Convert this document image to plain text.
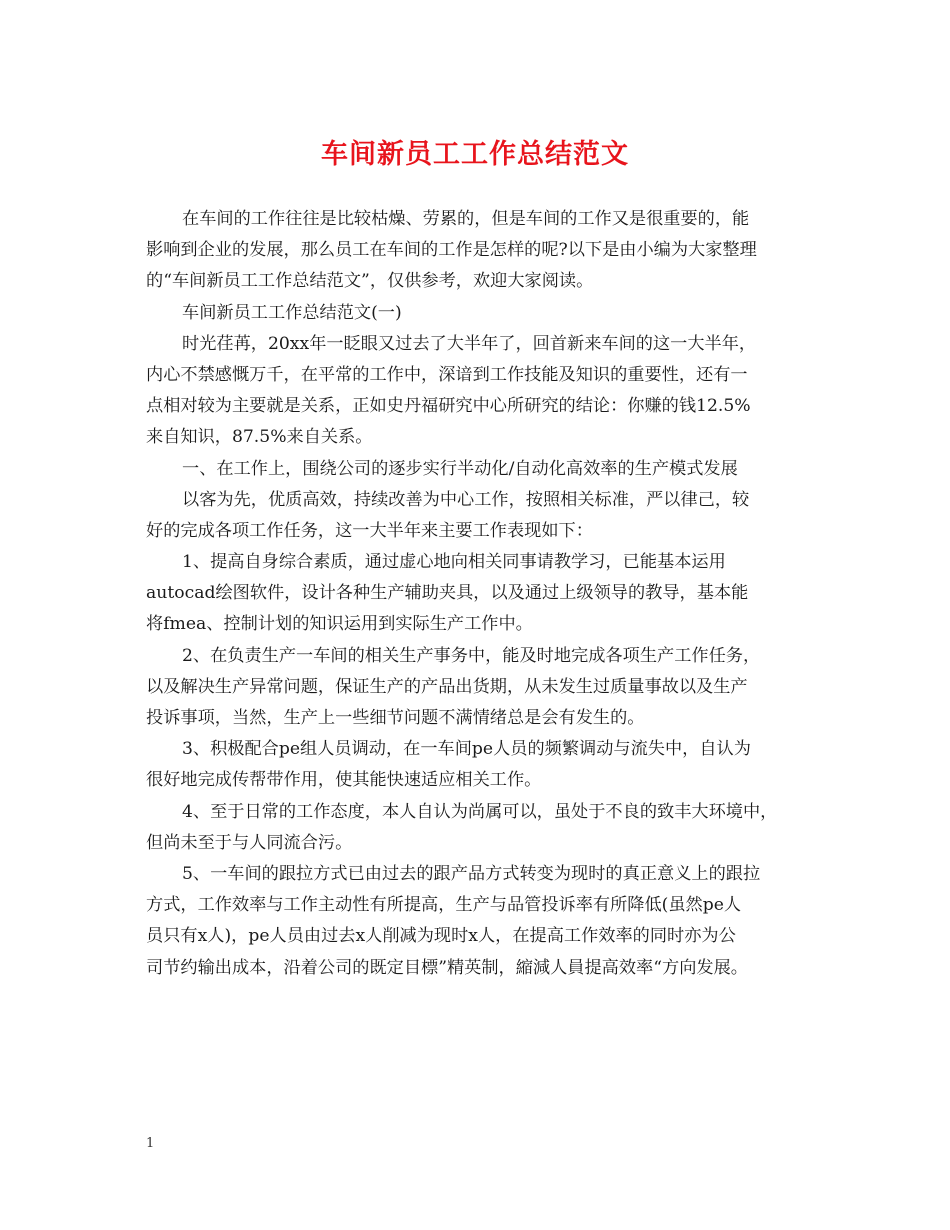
车间新员工工作总结范文
在车间的工作往往是比较枯燥、劳累的，但是车间的工作又是很重要的，能
影响到企业的发展，那么员工在车间的工作是怎样的呢?以下是由小编为大家整理
的“车间新员工工作总结范文”，仅供参考，欢迎大家阅读。
车间新员工工作总结范文(一)
时光荏苒，20xx年一眨眼又过去了大半年了，回首新来车间的这一大半年，
内心不禁感慨万千，在平常的工作中，深谙到工作技能及知识的重要性，还有一
点相对较为主要就是关系，正如史丹福研究中心所研究的结论：你赚的钱12.5%
来自知识，87.5%来自关系。
一、在工作上，围绕公司的逐步实行半动化/自动化高效率的生产模式发展
以客为先，优质高效，持续改善为中心工作，按照相关标准，严以律己，较
好的完成各项工作任务，这一大半年来主要工作表现如下：
1、提高自身综合素质，通过虚心地向相关同事请教学习，已能基本运用
autocad绘图软件，设计各种生产辅助夹具，以及通过上级领导的教导，基本能
将fmea、控制计划的知识运用到实际生产工作中。
2、在负责生产一车间的相关生产事务中，能及时地完成各项生产工作任务，
以及解决生产异常问题，保证生产的产品出货期，从未发生过质量事故以及生产
投诉事项，当然，生产上一些细节问题不满情绪总是会有发生的。
3、积极配合pe组人员调动，在一车间pe人员的频繁调动与流失中，自认为
很好地完成传帮带作用，使其能快速适应相关工作。
4、至于日常的工作态度，本人自认为尚属可以，虽处于不良的致丰大环境中，
但尚未至于与人同流合污。
5、一车间的跟拉方式已由过去的跟产品方式转变为现时的真正意义上的跟拉
方式，工作效率与工作主动性有所提高，生产与品管投诉率有所降低(虽然pe人
员只有x人)，pe人员由过去x人削减为现时x人，在提高工作效率的同时亦为公
司节约输出成本，沿着公司的既定目標”精英制，縮減人員提高效率“方向发展。
1
